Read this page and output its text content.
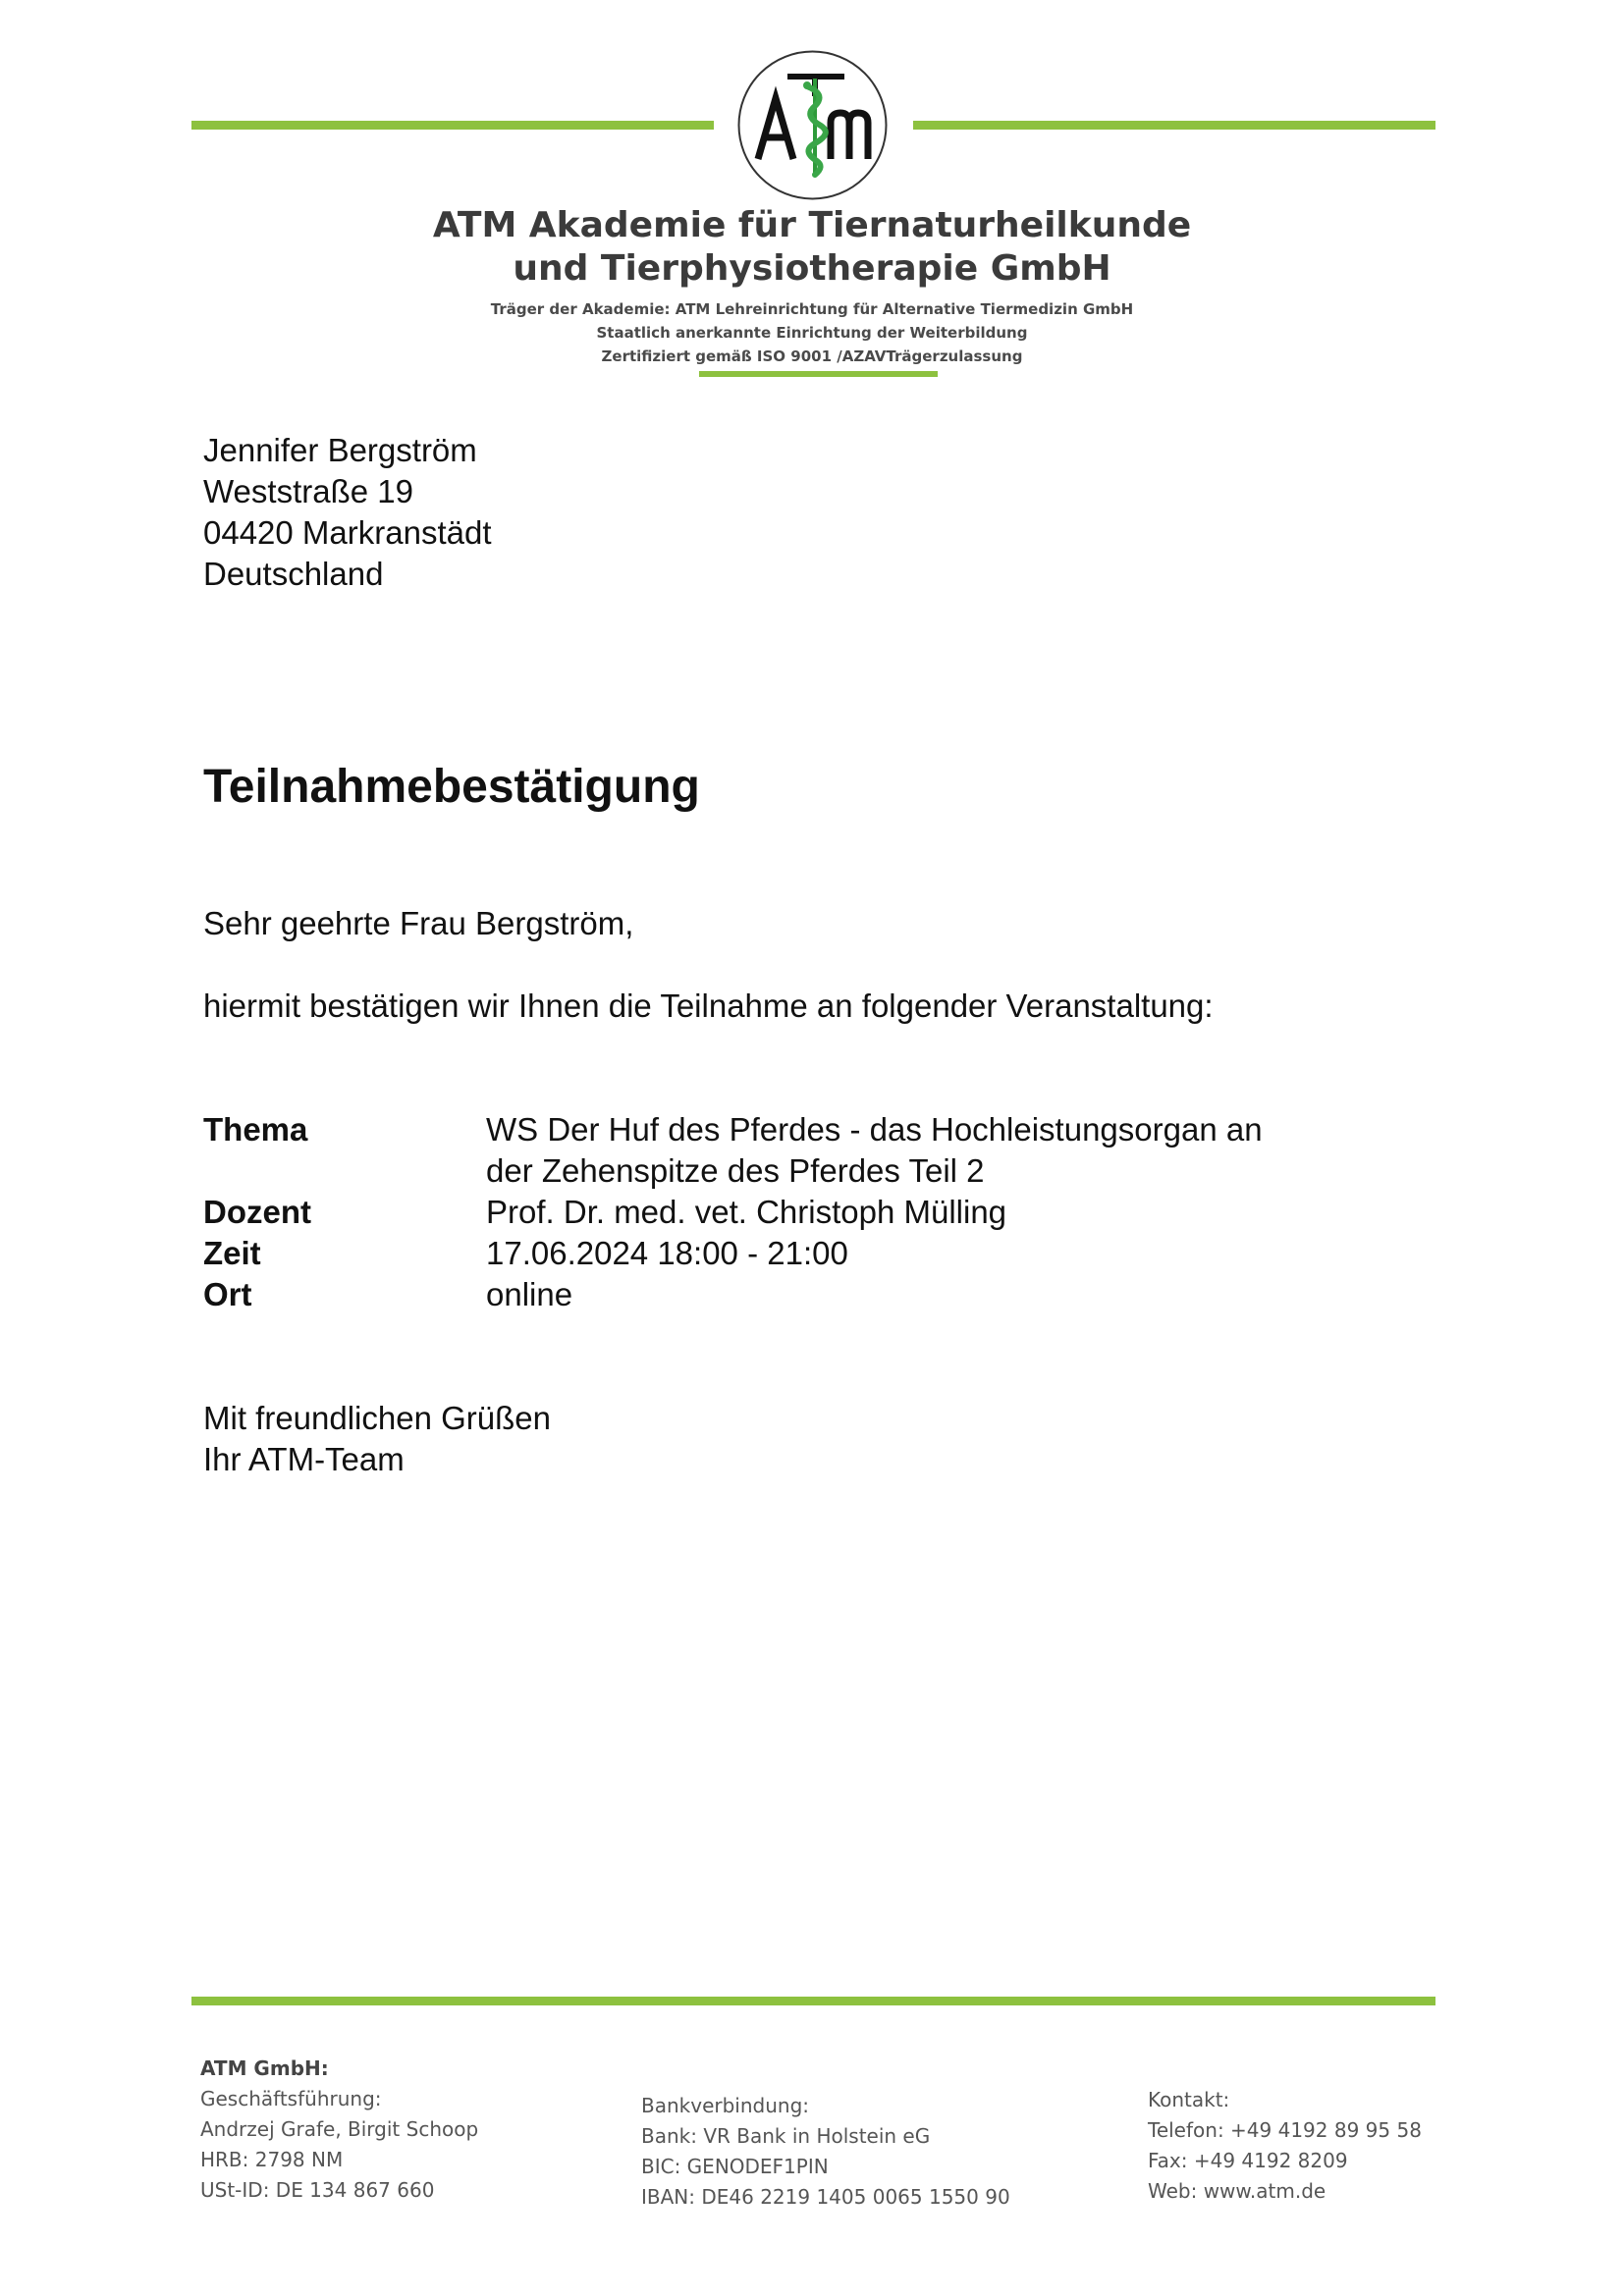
ATM Akademie für Tiernaturheilkunde
und Tierphysiotherapie GmbH
Träger der Akademie: ATM Lehreinrichtung für Alternative Tiermedizin GmbH
Staatlich anerkannte Einrichtung der Weiterbildung
Zertifiziert gemäß ISO 9001 /AZAVTrägerzulassung
Jennifer Bergström
Weststraße 19
04420 Markranstädt
Deutschland
Teilnahmebestätigung
Sehr geehrte Frau Bergström,
hiermit bestätigen wir Ihnen die Teilnahme an folgender Veranstaltung:
Thema	WS Der Huf des Pferdes - das Hochleistungsorgan an
der Zehenspitze des Pferdes Teil 2
Dozent	Prof. Dr. med. vet. Christoph Mülling
Zeit	17.06.2024 18:00 - 21:00
Ort	online
Mit freundlichen Grüßen
Ihr ATM-Team
ATM GmbH:
Geschäftsführung:
Andrzej Grafe, Birgit Schoop
HRB: 2798 NM
USt-ID: DE 134 867 660
Bankverbindung:
Bank: VR Bank in Holstein eG
BIC: GENODEF1PIN
IBAN: DE46 2219 1405 0065 1550 90
Kontakt:
Telefon: +49 4192 89 95 58
Fax: +49 4192 8209
Web: www.atm.de
